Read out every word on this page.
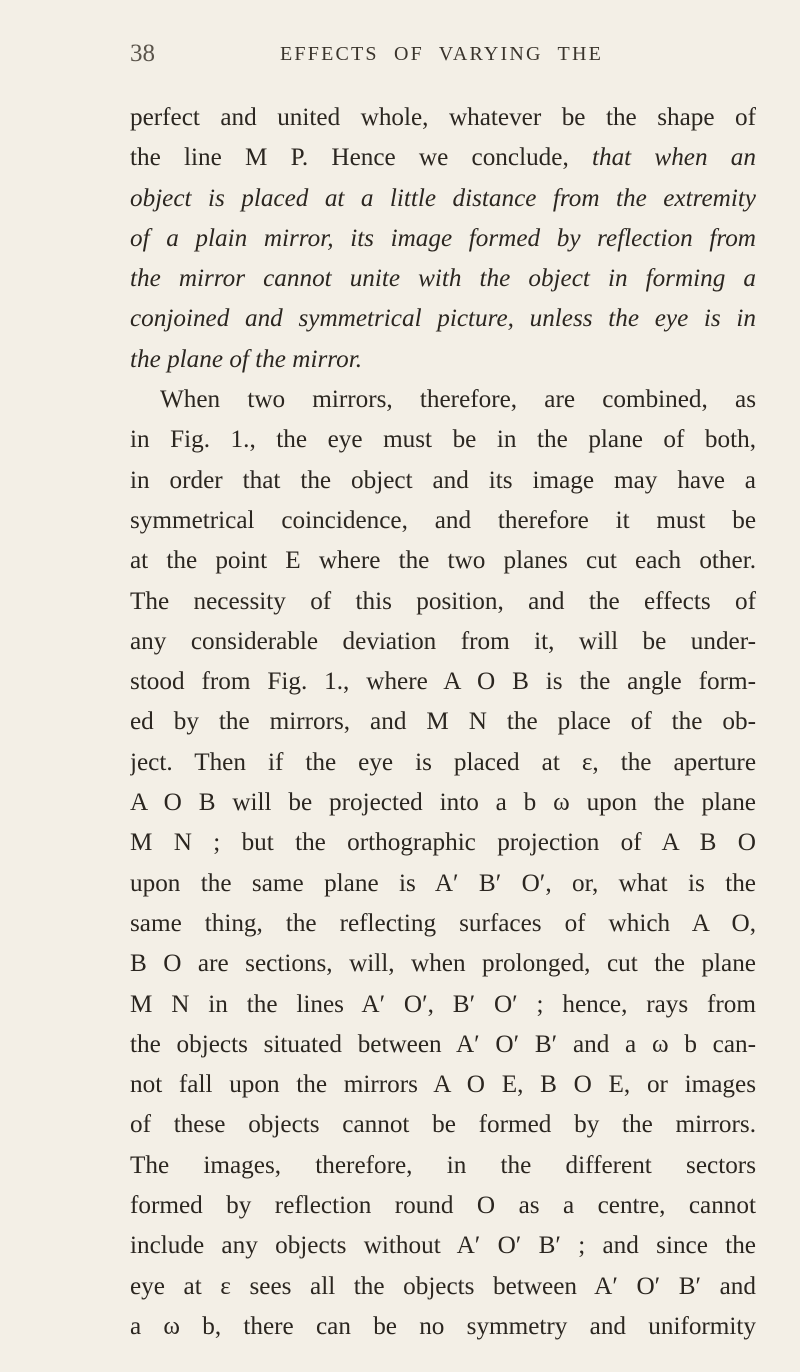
38	EFFECTS OF VARYING THE
perfect and united whole, whatever be the shape of
the line M P. Hence we conclude, that when an
object is placed at a little distance from the extremity
of a plain mirror, its image formed by reflection from
the mirror cannot unite with the object in forming a
conjoined and symmetrical picture, unless the eye is in
the plane of the mirror.
When two mirrors, therefore, are combined, as
in Fig. 1., the eye must be in the plane of both,
in order that the object and its image may have a
symmetrical coincidence, and therefore it must be
at the point E where the two planes cut each other.
The necessity of this position, and the effects of
any considerable deviation from it, will be under-
stood from Fig. 1., where A O B is the angle form-
ed by the mirrors, and M N the place of the ob-
ject. Then if the eye is placed at ε, the aperture
A O B will be projected into a b ω upon the plane
M N ; but the orthographic projection of A B O
upon the same plane is A′ B′ O′, or, what is the
same thing, the reflecting surfaces of which A O,
B O are sections, will, when prolonged, cut the plane
M N in the lines A′ O′, B′ O′ ; hence, rays from
the objects situated between A′ O′ B′ and a ω b can-
not fall upon the mirrors A O E, B O E, or images
of these objects cannot be formed by the mirrors.
The images, therefore, in the different sectors
formed by reflection round O as a centre, cannot
include any objects without A′ O′ B′ ; and since the
eye at ε sees all the objects between A′ O′ B′ and
a ω b, there can be no symmetry and uniformity
